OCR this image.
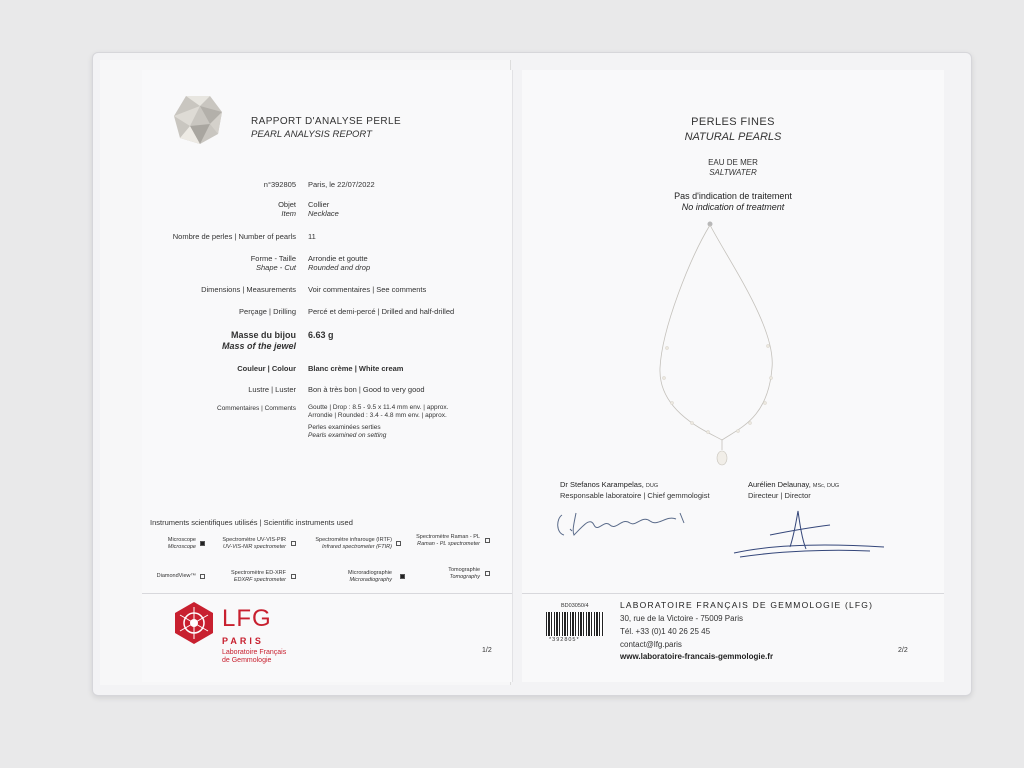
RAPPORT D'ANALYSE PERLE
PEARL ANALYSIS REPORT
n°392805 Paris, le 22/07/2022
Objet
Item
Collier
Necklace
Nombre de perles | Number of pearls 11
Forme - Taille
Shape - Cut
Arrondie et goutte
Rounded and drop
Dimensions | Measurements Voir commentaires | See comments
Perçage | Drilling Percé et demi-percé | Drilled and half-drilled
Masse du bijou
Mass of the jewel
6.63 g
Couleur | Colour Blanc crème | White cream
Lustre | Luster Bon à très bon | Good to very good
Commentaires | Comments Goutte | Drop : 8.5 - 9.5 x 11.4 mm env. | approx.
Arrondie | Rounded : 3.4 - 4.8 mm env. | approx.
Perles examinées serties
Pearls examined on setting
Instruments scientifiques utilisés | Scientific instruments used
Microscope
Microscope
Spectromètre UV-VIS-PIR
UV-VIS-NIR spectrometer
Spectromètre infrarouge (IRTF)
Infrared spectrometer (FTIR)
Spectromètre Raman - PL
Raman - PL spectrometer
DiamondView™	Spectromètre ED-XRF
EDXRF spectrometer
Microradiographie
Microradiography
Tomographie
Tomography
LFG
PARIS
Laboratoire Français
de Gemmologie
1/2
PERLES FINES
NATURAL PEARLS
EAU DE MER
SALTWATER
Pas d'indication de traitement
No indication of treatment
Dr Stefanos Karampelas, DUG
Responsable laboratoire | Chief gemmologist
Aurélien Delaunay, MSc, DUG
Directeur | Director
BD03050/4
*392805*
LABORATOIRE FRANÇAIS DE GEMMOLOGIE (LFG)
30, rue de la Victoire - 75009 Paris
Tél. +33 (0)1 40 26 25 45
contact@lfg.paris
www.laboratoire-francais-gemmologie.fr
2/2
